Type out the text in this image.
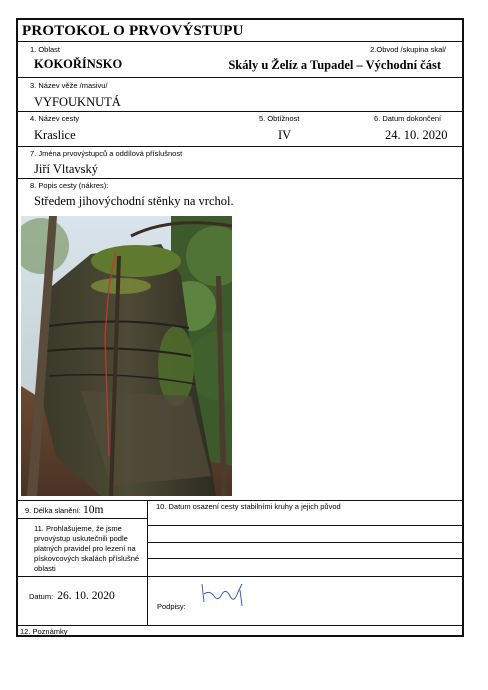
PROTOKOL O PRVOVÝSTUPU
1. Oblast	2.Obvod /skupina skal/
KOKOŘÍNSKO	Skály u Želíz a Tupadel – Východní část
3. Název věže /masivu/
VYFOUKNUTÁ
4. Název cesty	5. Obtížnost	6. Datum dokončení
Kraslice	IV	24. 10. 2020
7. Jména prvovýstupců a oddílová příslušnost
Jiří Vltavský
8. Popis cesty (nákres):
Středem jihovýchodní stěnky na vrchol.
9. Délka slanění: 10m	10. Datum osazení cesty stabilními kruhy a jejich původ
11. Prohlašujeme, že jsme prvovýstup uskutečnili podle platných pravidel pro lezení na pískovcových skalách příslušné oblasti
Datum: 26. 10. 2020
Podpisy:
12. Poznámky
